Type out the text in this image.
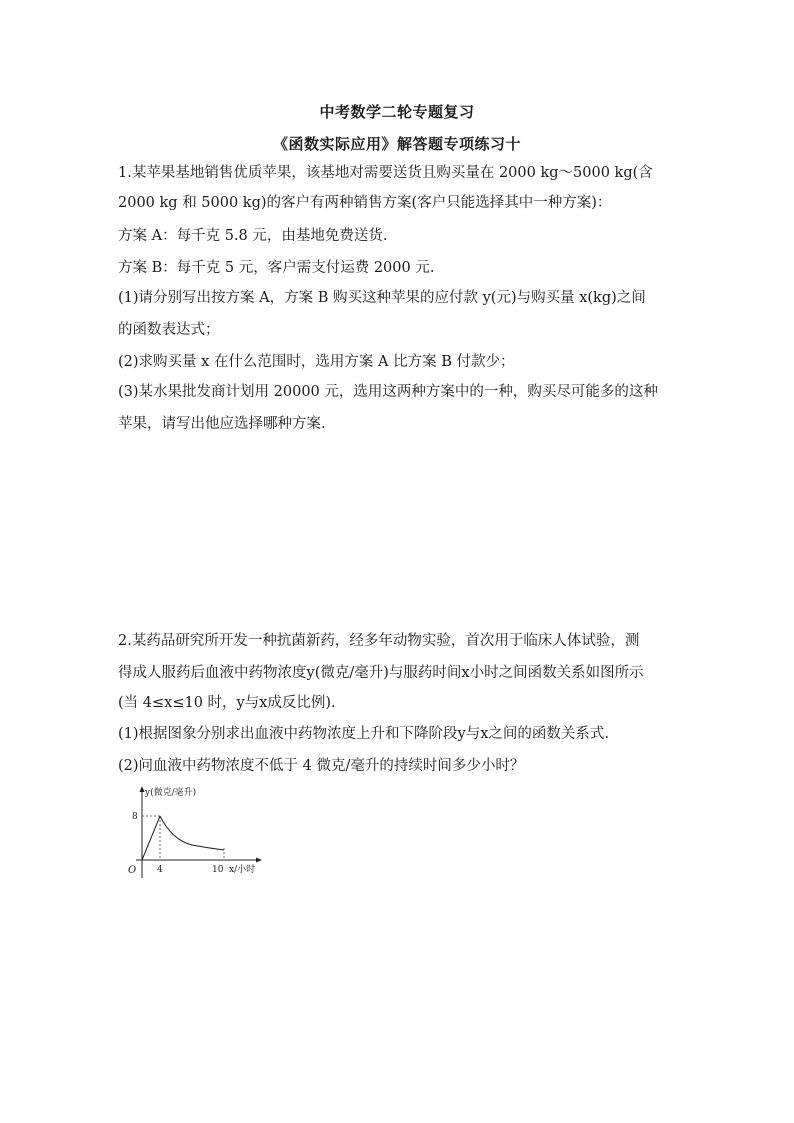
中考数学二轮专题复习
《函数实际应用》解答题专项练习十
1.某苹果基地销售优质苹果，该基地对需要送货且购买量在 2000 kg～5000 kg(含
2000 kg 和 5000 kg)的客户有两种销售方案(客户只能选择其中一种方案)：
方案 A：每千克 5.8 元，由基地免费送货.
方案 B：每千克 5 元，客户需支付运费 2000 元.
(1)请分别写出按方案 A，方案 B 购买这种苹果的应付款 y(元)与购买量 x(kg)之间
的函数表达式；
(2)求购买量 x 在什么范围时，选用方案 A 比方案 B 付款少；
(3)某水果批发商计划用 20000 元，选用这两种方案中的一种，购买尽可能多的这种
苹果，请写出他应选择哪种方案.
2.某药品研究所开发一种抗菌新药，经多年动物实验，首次用于临床人体试验，测
得成人服药后血液中药物浓度y(微克/毫升)与服药时间x小时之间函数关系如图所示
(当 4≤x≤10 时，y与x成反比例).
(1)根据图象分别求出血液中药物浓度上升和下降阶段y与x之间的函数关系式.
(2)问血液中药物浓度不低于 4 微克/毫升的持续时间多少小时？
y(微克/毫升)
8
O 4	10 x/小时
